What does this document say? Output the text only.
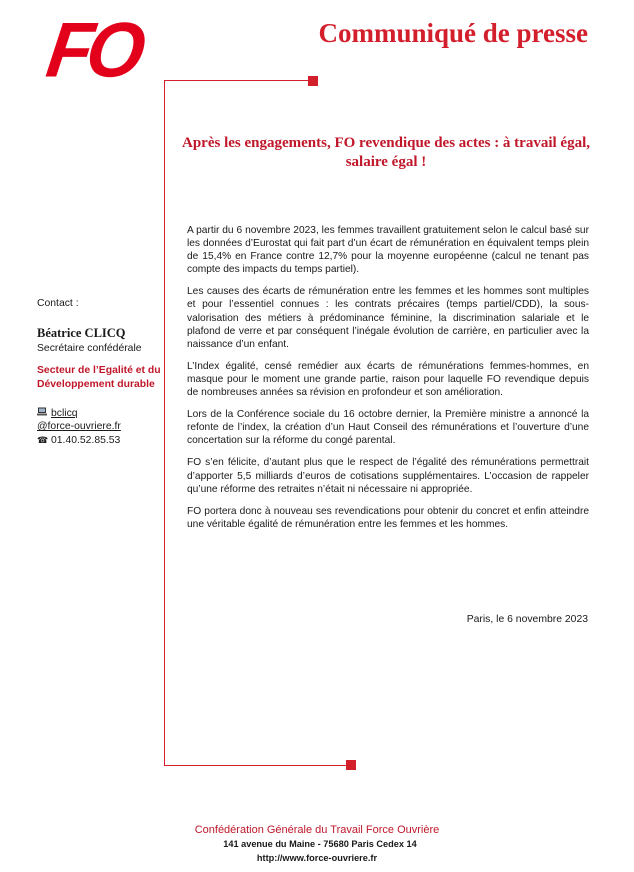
FO	Communiqué de presse
Après les engagements, FO revendique des actes : à travail égal, salaire égal !

A partir du 6 novembre 2023, les femmes travaillent gratuitement selon le calcul basé sur les données d’Eurostat qui fait part d’un écart de rémunération en équivalent temps plein de 15,4% en France contre 12,7% pour la moyenne européenne (calcul ne tenant pas compte des impacts du temps partiel).

Les causes des écarts de rémunération entre les femmes et les hommes sont multiples et pour l’essentiel connues : les contrats précaires (temps partiel/CDD), la sous-valorisation des métiers à prédominance féminine, la discrimination salariale et le plafond de verre et par conséquent l’inégale évolution de carrière, en particulier avec la naissance d’un enfant.

L’Index égalité, censé remédier aux écarts de rémunérations femmes-hommes, en masque pour le moment une grande partie, raison pour laquelle FO revendique depuis de nombreuses années sa révision en profondeur et son amélioration.

Lors de la Conférence sociale du 16 octobre dernier, la Première ministre a annoncé la refonte de l’index, la création d’un Haut Conseil des rémunérations et l’ouverture d’une concertation sur la réforme du congé parental.

FO s’en félicite, d’autant plus que le respect de l’égalité des rémunérations permettrait d’apporter 5,5 milliards d’euros de cotisations supplémentaires. L’occasion de rappeler qu’une réforme des retraites n’était ni nécessaire ni appropriée.

FO portera donc à nouveau ses revendications pour obtenir du concret et enfin atteindre une véritable égalité de rémunération entre les femmes et les hommes.

Paris, le 6 novembre 2023
Contact :
Béatrice CLICQ
Secrétaire confédérale
Secteur de l’Egalité et du Développement durable
bclicq
@force-ouvriere.fr
☎ 01.40.52.85.53
Confédération Générale du Travail Force Ouvrière
141 avenue du Maine - 75680 Paris Cedex 14
http://www.force-ouvriere.fr
